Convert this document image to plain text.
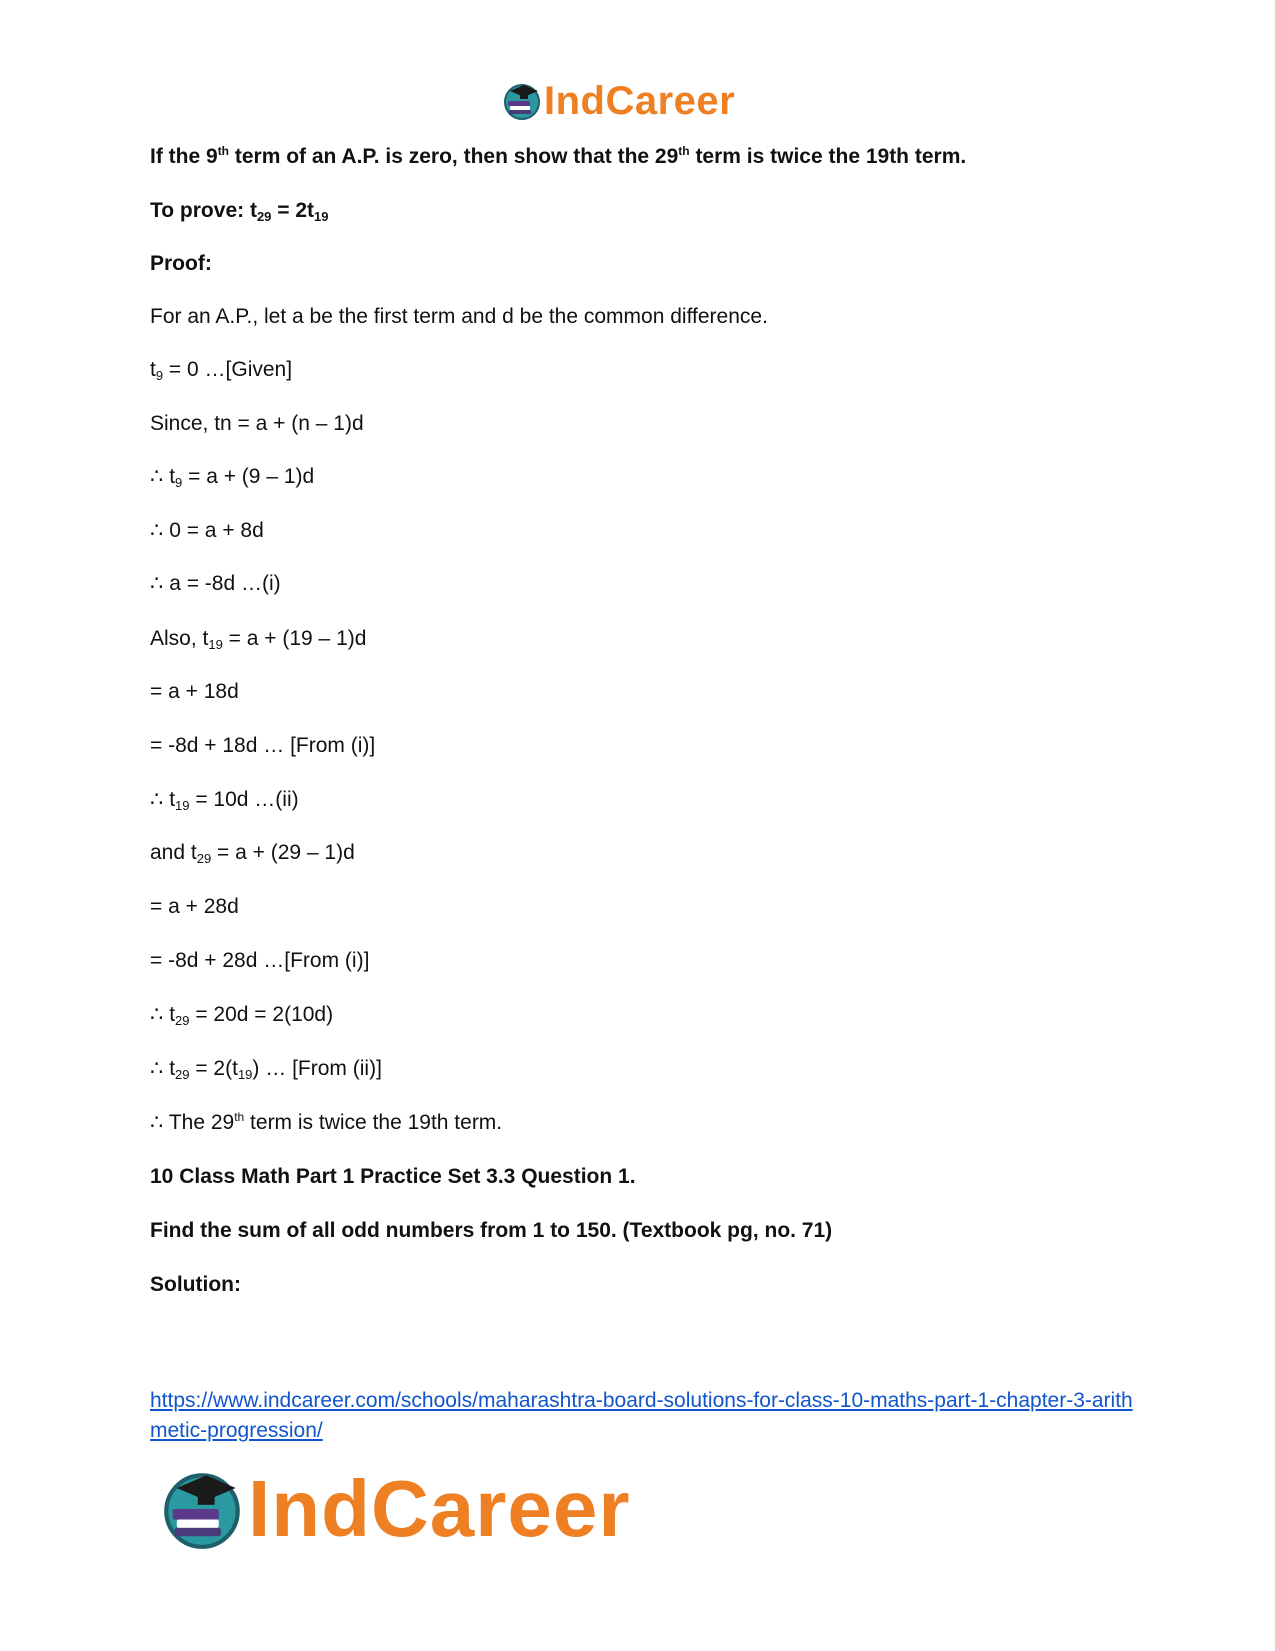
IndCareer
If the 9th term of an A.P. is zero, then show that the 29th term is twice the 19th term.
To prove: $t_{29} = 2t_{19}$
Proof:
For an A.P., let a be the first term and d be the common difference.
$t_9 = 0$ …[Given]
Since, tn = a + (n – 1)d
∴ $t_9 = a + (9 - 1)d$
∴ 0 = a + 8d
∴ a = -8d …(i)
Also, $t_{19} = a + (19 - 1)d$
= a + 18d
= -8d + 18d … [From (i)]
∴ $t_{19} = 10d$ …(ii)
and $t_{29} = a + (29 - 1)d$
= a + 28d
= -8d + 28d …[From (i)]
∴ $t_{29} = 20d = 2(10d)$
∴ $t_{29} = 2(t_{19})$ … [From (ii)]
∴ The 29th term is twice the 19th term.
10 Class Math Part 1 Practice Set 3.3 Question 1.
Find the sum of all odd numbers from 1 to 150. (Textbook pg, no. 71)
Solution:
https://www.indcareer.com/schools/maharashtra-board-solutions-for-class-10-maths-part-1-chapter-3-arithmetic-progression/
IndCareer
